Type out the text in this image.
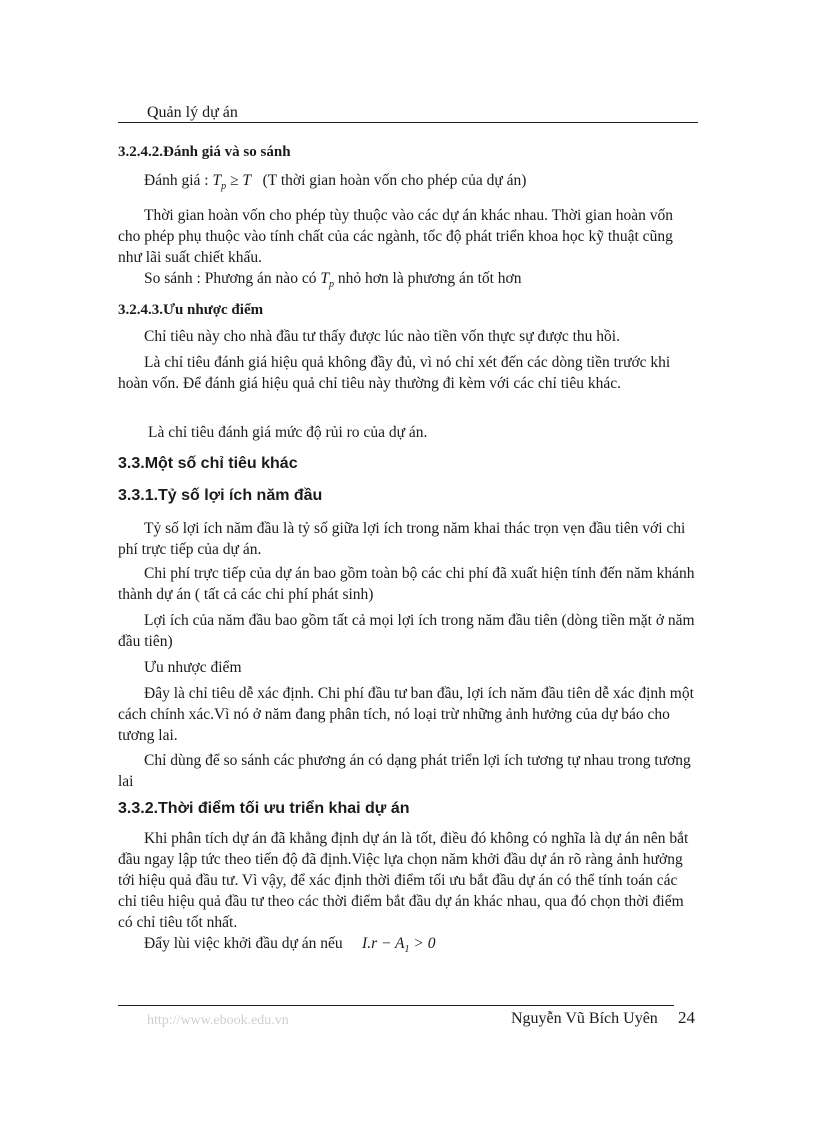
Quản lý dự án
3.2.4.2.Đánh giá và so sánh
Đánh giá : $T_p \ge T$ (T thời gian hoàn vốn cho phép của dự án)
Thời gian hoàn vốn cho phép tùy thuộc vào các dự án khác nhau. Thời gian hoàn vốn cho phép phụ thuộc vào tính chất của các ngành, tốc độ phát triển khoa học kỹ thuật cũng như lãi suất chiết khấu.
So sánh : Phương án nào có $T_p$ nhỏ hơn là phương án tốt hơn
3.2.4.3.Ưu nhược điểm
Chỉ tiêu này cho nhà đầu tư thấy được lúc nào tiền vốn thực sự được thu hồi.
Là chỉ tiêu đánh giá hiệu quả không đầy đủ, vì nó chỉ xét đến các dòng tiền trước khi hoàn vốn. Để đánh giá hiệu quả chỉ tiêu này thường đi kèm với các chỉ tiêu khác.
Là chỉ tiêu đánh giá mức độ rủi ro của dự án.
3.3.Một số chỉ tiêu khác
3.3.1.Tỷ số lợi ích năm đầu
Tỷ số lợi ích năm đầu là tỷ số giữa lợi ích trong năm khai thác trọn vẹn đầu tiên với chi phí trực tiếp của dự án.
Chi phí trực tiếp của dự án bao gồm toàn bộ các chi phí đã xuất hiện tính đến năm khánh thành dự án ( tất cả các chi phí phát sinh)
Lợi ích của năm đầu bao gồm tất cả mọi lợi ích trong năm đầu tiên (dòng tiền mặt ở năm đầu tiên)
Ưu nhược điểm
Đây là chỉ tiêu dễ xác định. Chi phí đầu tư ban đầu, lợi ích năm đầu tiên dễ xác định một cách chính xác.Vì nó ở năm đang phân tích, nó loại trừ những ảnh hưởng của dự báo cho tương lai.
Chỉ dùng để so sánh các phương án có dạng phát triển lợi ích tương tự nhau trong tương lai
3.3.2.Thời điểm tối ưu triển khai dự án
Khi phân tích dự án đã khẳng định dự án là tốt, điều đó không có nghĩa là dự án nên bắt đầu ngay lập tức theo tiến độ đã định.Việc lựa chọn năm khởi đầu dự án rõ ràng ảnh hưởng tới hiệu quả đầu tư. Vì vậy, để xác định thời điểm tối ưu bắt đầu dự án có thể tính toán các chỉ tiêu hiệu quả đầu tư theo các thời điểm bắt đầu dự án khác nhau, qua đó chọn thời điểm có chỉ tiêu tốt nhất.
Đẩy lùi việc khởi đầu dự án nếu $I.r - A_1 > 0$
http://www.ebook.edu.vn	Nguyễn Vũ Bích Uyên 24
